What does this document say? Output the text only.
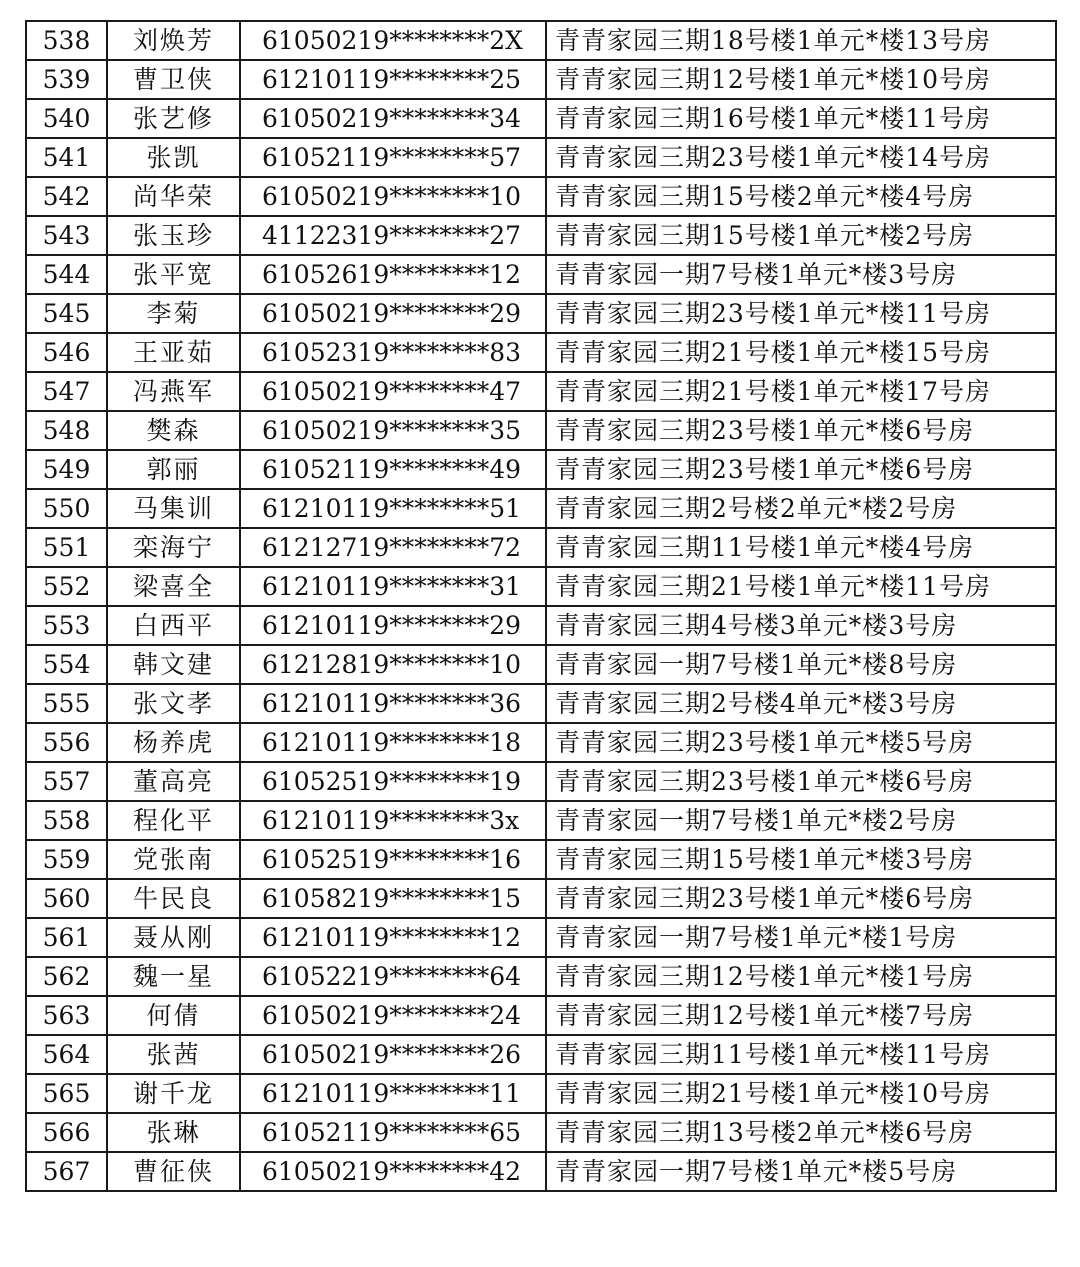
538	刘焕芳	61050219********2X	青青家园三期18号楼1单元*楼13号房
539	曹卫侠	61210119********25	青青家园三期12号楼1单元*楼10号房
540	张艺修	61050219********34	青青家园三期16号楼1单元*楼11号房
541	张凯	61052119********57	青青家园三期23号楼1单元*楼14号房
542	尚华荣	61050219********10	青青家园三期15号楼2单元*楼4号房
543	张玉珍	41122319********27	青青家园三期15号楼1单元*楼2号房
544	张平宽	61052619********12	青青家园一期7号楼1单元*楼3号房
545	李菊	61050219********29	青青家园三期23号楼1单元*楼11号房
546	王亚茹	61052319********83	青青家园三期21号楼1单元*楼15号房
547	冯燕军	61050219********47	青青家园三期21号楼1单元*楼17号房
548	樊森	61050219********35	青青家园三期23号楼1单元*楼6号房
549	郭丽	61052119********49	青青家园三期23号楼1单元*楼6号房
550	马集训	61210119********51	青青家园三期2号楼2单元*楼2号房
551	栾海宁	61212719********72	青青家园三期11号楼1单元*楼4号房
552	梁喜全	61210119********31	青青家园三期21号楼1单元*楼11号房
553	白西平	61210119********29	青青家园三期4号楼3单元*楼3号房
554	韩文建	61212819********10	青青家园一期7号楼1单元*楼8号房
555	张文孝	61210119********36	青青家园三期2号楼4单元*楼3号房
556	杨养虎	61210119********18	青青家园三期23号楼1单元*楼5号房
557	董高亮	61052519********19	青青家园三期23号楼1单元*楼6号房
558	程化平	61210119********3x	青青家园一期7号楼1单元*楼2号房
559	党张南	61052519********16	青青家园三期15号楼1单元*楼3号房
560	牛民良	61058219********15	青青家园三期23号楼1单元*楼6号房
561	聂从刚	61210119********12	青青家园一期7号楼1单元*楼1号房
562	魏一星	61052219********64	青青家园三期12号楼1单元*楼1号房
563	何倩	61050219********24	青青家园三期12号楼1单元*楼7号房
564	张茜	61050219********26	青青家园三期11号楼1单元*楼11号房
565	谢千龙	61210119********11	青青家园三期21号楼1单元*楼10号房
566	张琳	61052119********65	青青家园三期13号楼2单元*楼6号房
567	曹征侠	61050219********42	青青家园一期7号楼1单元*楼5号房
